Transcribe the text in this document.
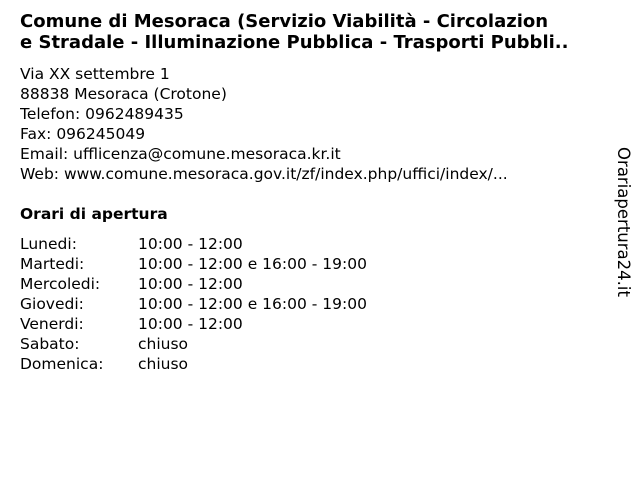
Comune di Mesoraca (Servizio Viabilità - Circolazion
e Stradale - Illuminazione Pubblica - Trasporti Pubbli..
Via XX settembre 1
88838 Mesoraca (Crotone)
Telefon: 0962489435
Fax: 096245049
Email: ufflicenza@comune.mesoraca.kr.it
Web: www.comune.mesoraca.gov.it/zf/index.php/uffici/index/...
Orari di apertura
Lunedi:	10:00 - 12:00
Martedi:	10:00 - 12:00 e 16:00 - 19:00
Mercoledi:	10:00 - 12:00
Giovedi:	10:00 - 12:00 e 16:00 - 19:00
Venerdi:	10:00 - 12:00
Sabato:	chiuso
Domenica:	chiuso
Orariapertura24.it
